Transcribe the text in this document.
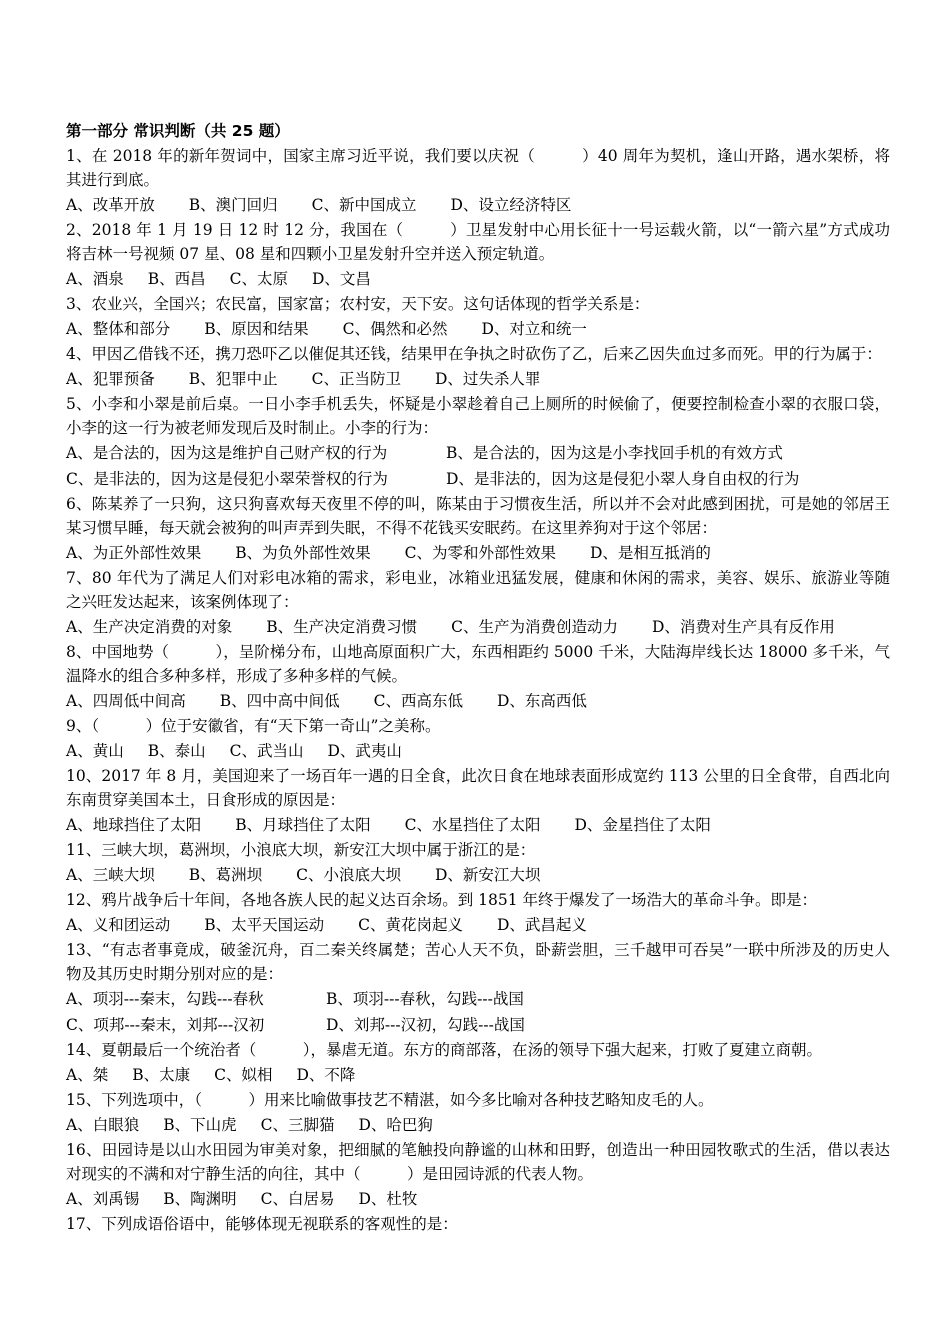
第一部分 常识判断（共 25 题）

1、在 2018 年的新年贺词中，国家主席习近平说，我们要以庆祝（　　　）40 周年为契机，逢山开路，遇水架桥，将其进行到底。

A、改革开放 B、澳门回归 C、新中国成立 D、设立经济特区

2、2018 年 1 月 19 日 12 时 12 分，我国在（　　　）卫星发射中心用长征十一号运载火箭，以“一箭六星”方式成功将吉林一号视频 07 星、08 星和四颗小卫星发射升空并送入预定轨道。

A、酒泉 B、西昌 C、太原 D、文昌

3、农业兴，全国兴；农民富，国家富；农村安，天下安。这句话体现的哲学关系是：

A、整体和部分 B、原因和结果 C、偶然和必然 D、对立和统一

4、甲因乙借钱不还，携刀恐吓乙以催促其还钱，结果甲在争执之时砍伤了乙，后来乙因失血过多而死。甲的行为属于：

A、犯罪预备 B、犯罪中止 C、正当防卫 D、过失杀人罪

5、小李和小翠是前后桌。一日小李手机丢失，怀疑是小翠趁着自己上厕所的时候偷了，便要控制检查小翠的衣服口袋，小李的这一行为被老师发现后及时制止。小李的行为：

A、是合法的，因为这是维护自己财产权的行为	B、是合法的，因为这是小李找回手机的有效方式
C、是非法的，因为这是侵犯小翠荣誉权的行为	D、是非法的，因为这是侵犯小翠人身自由权的行为

6、陈某养了一只狗，这只狗喜欢每天夜里不停的叫，陈某由于习惯夜生活，所以并不会对此感到困扰，可是她的邻居王某习惯早睡，每天就会被狗的叫声弄到失眠，不得不花钱买安眠药。在这里养狗对于这个邻居：

A、为正外部性效果 B、为负外部性效果 C、为零和外部性效果 D、是相互抵消的

7、80 年代为了满足人们对彩电冰箱的需求，彩电业，冰箱业迅猛发展，健康和休闲的需求，美容、娱乐、旅游业等随之兴旺发达起来，该案例体现了：

A、生产决定消费的对象 B、生产决定消费习惯 C、生产为消费创造动力 D、消费对生产具有反作用

8、中国地势（　　　），呈阶梯分布，山地高原面积广大，东西相距约 5000 千米，大陆海岸线长达 18000 多千米，气温降水的组合多种多样，形成了多种多样的气候。

A、四周低中间高 B、四中高中间低 C、西高东低 D、东高西低

9、（　　　）位于安徽省，有“天下第一奇山”之美称。

A、黄山 B、泰山 C、武当山 D、武夷山

10、2017 年 8 月，美国迎来了一场百年一遇的日全食，此次日食在地球表面形成宽约 113 公里的日全食带，自西北向东南贯穿美国本土，日食形成的原因是：

A、地球挡住了太阳 B、月球挡住了太阳 C、水星挡住了太阳 D、金星挡住了太阳

11、三峡大坝，葛洲坝，小浪底大坝，新安江大坝中属于浙江的是：

A、三峡大坝 B、葛洲坝 C、小浪底大坝 D、新安江大坝

12、鸦片战争后十年间，各地各族人民的起义达百余场。到 1851 年终于爆发了一场浩大的革命斗争。即是：

A、义和团运动 B、太平天国运动 C、黄花岗起义 D、武昌起义

13、“有志者事竟成，破釜沉舟，百二秦关终属楚；苦心人天不负，卧薪尝胆，三千越甲可吞吴”一联中所涉及的历史人物及其历史时期分别对应的是：

A、项羽---秦末，勾践---春秋	B、项羽---春秋，勾践---战国
C、项邦---秦末，刘邦---汉初	D、刘邦---汉初，勾践---战国

14、夏朝最后一个统治者（　　　），暴虐无道。东方的商部落，在汤的领导下强大起来，打败了夏建立商朝。

A、桀 B、太康 C、姒相 D、不降

15、下列选项中，（　　　）用来比喻做事技艺不精湛，如今多比喻对各种技艺略知皮毛的人。

A、白眼狼 B、下山虎 C、三脚猫 D、哈巴狗

16、田园诗是以山水田园为审美对象，把细腻的笔触投向静谧的山林和田野，创造出一种田园牧歌式的生活，借以表达对现实的不满和对宁静生活的向往，其中（　　　）是田园诗派的代表人物。

A、刘禹锡 B、陶渊明 C、白居易 D、杜牧

17、下列成语俗语中，能够体现无视联系的客观性的是：
